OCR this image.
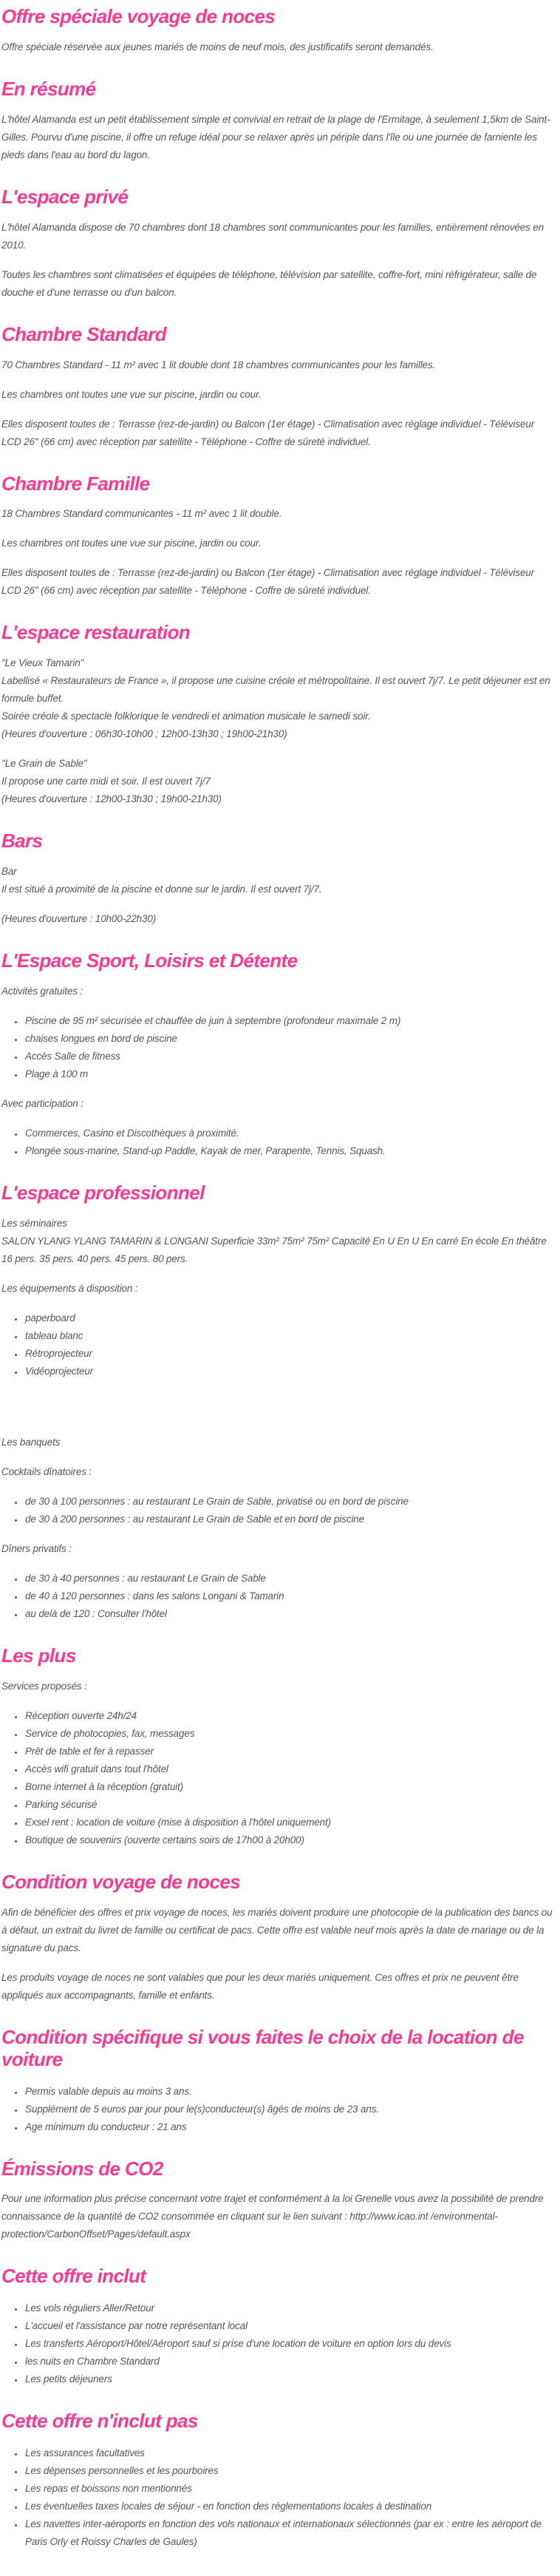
Offre spéciale voyage de noces

Offre spéciale réservée aux jeunes mariés de moins de neuf mois, des justificatifs seront demandés.

En résumé

L'hôtel Alamanda est un petit établissement simple et convivial en retrait de la plage de l'Ermitage, à seulement 1,5km de Saint-Gilles. Pourvu d'une piscine, il offre un refuge idéal pour se relaxer après un périple dans l'île ou une journée de farniente les pieds dans l'eau au bord du lagon.

L'espace privé

L'hôtel Alamanda dispose de 70 chambres dont 18 chambres sont communicantes pour les familles, entièrement rénovées en 2010.

Toutes les chambres sont climatisées et équipées de téléphone, télévision par satellite, coffre-fort, mini réfrigérateur, salle de douche et d'une terrasse ou d'un balcon.

Chambre Standard

70 Chambres Standard - 11 m² avec 1 lit double dont 18 chambres communicantes pour les familles.

Les chambres ont toutes une vue sur piscine, jardin ou cour.

Elles disposent toutes de : Terrasse (rez-de-jardin) ou Balcon (1er étage) - Climatisation avec réglage individuel - Téléviseur LCD 26" (66 cm) avec réception par satellite - Téléphone - Coffre de sûreté individuel.

Chambre Famille

18 Chambres Standard communicantes - 11 m² avec 1 lit double.

Les chambres ont toutes une vue sur piscine, jardin ou cour.

Elles disposent toutes de : Terrasse (rez-de-jardin) ou Balcon (1er étage) - Climatisation avec réglage individuel - Téléviseur LCD 26" (66 cm) avec réception par satellite - Téléphone - Coffre de sûreté individuel.

L'espace restauration

"Le Vieux Tamarin"
Labellisé « Restaurateurs de France », il propose une cuisine créole et métropolitaine. Il est ouvert 7j/7. Le petit déjeuner est en formule buffet.
Soirée créole & spectacle folklorique le vendredi et animation musicale le samedi soir.
(Heures d'ouverture : 06h30-10h00 ; 12h00-13h30 ; 19h00-21h30)

"Le Grain de Sable"
Il propose une carte midi et soir. Il est ouvert 7j/7
(Heures d'ouverture : 12h00-13h30 ; 19h00-21h30)

Bars

Bar
Il est situé à proximité de la piscine et donne sur le jardin. Il est ouvert 7j/7.

(Heures d'ouverture : 10h00-22h30)

L'Espace Sport, Loisirs et Détente

Activités gratuites :

• Piscine de 95 m² sécurisée et chauffée de juin à septembre (profondeur maximale 2 m)
• chaises longues en bord de piscine
• Accès Salle de fitness
• Plage à 100 m

Avec participation :

• Commerces, Casino et Discothèques à proximité.
• Plongée sous-marine, Stand-up Paddle, Kayak de mer, Parapente, Tennis, Squash.
L'espace professionnel

Les séminaires
SALON YLANG YLANG TAMARIN & LONGANI Superficie 33m² 75m² 75m² Capacité En U En U En carré En école En théâtre 16 pers. 35 pers. 40 pers. 45 pers. 80 pers.

Les équipements à disposition :

• paperboard
• tableau blanc
• Rétroprojecteur
• Vidéoprojecteur

Les banquets

Cocktails dînatoires :

• de 30 à 100 personnes : au restaurant Le Grain de Sable, privatisé ou en bord de piscine
• de 30 à 200 personnes : au restaurant Le Grain de Sable et en bord de piscine

Dîners privatifs :

• de 30 à 40 personnes : au restaurant Le Grain de Sable
• de 40 à 120 personnes : dans les salons Longani & Tamarin
• au delà de 120 : Consulter l'hôtel
Les plus

Services proposés :

• Réception ouverte 24h/24
• Service de photocopies, fax, messages
• Prêt de table et fer à repasser
• Accès wifi gratuit dans tout l'hôtel
• Borne internet à la réception (gratuit)
• Parking sécurisé
• Exsel rent : location de voiture (mise à disposition à l'hôtel uniquement)
• Boutique de souvenirs (ouverte certains soirs de 17h00 à 20h00)
Condition voyage de noces

Afin de bénéficier des offres et prix voyage de noces, les mariés doivent produire une photocopie de la publication des bancs ou à défaut, un extrait du livret de famille ou certificat de pacs. Cette offre est valable neuf mois après la date de mariage ou de la signature du pacs.

Les produits voyage de noces ne sont valables que pour les deux mariés uniquement. Ces offres et prix ne peuvent être appliqués aux accompagnants, famille et enfants.

Condition spécifique si vous faites le choix de la location de voiture
• Permis valable depuis au moins 3 ans.
• Supplément de 5 euros par jour pour le(s)conducteur(s) âgés de moins de 23 ans.
• Age minimum du conducteur : 21 ans
Émissions de CO2

Pour une information plus précise concernant votre trajet et conformément à la loi Grenelle vous avez la possibilité de prendre connaissance de la quantité de CO2 consommée en cliquant sur le lien suivant : http://www.icao.int /environmental-protection/CarbonOffset/Pages/default.aspx

Cette offre inclut
• Les vols réguliers Aller/Retour
• L'accueil et l'assistance par notre représentant local
• Les transferts Aéroport/Hôtel/Aéroport sauf si prise d'une location de voiture en option lors du devis
• les nuits en Chambre Standard
• Les petits déjeuners
Cette offre n'inclut pas
• Les assurances facultatives
• Les dépenses personnelles et les pourboires
• Les repas et boissons non mentionnés
• Les éventuelles taxes locales de séjour - en fonction des réglementations locales à destination
• Les navettes inter-aéroports en fonction des vols nationaux et internationaux sélectionnés (par ex : entre les aéroport de Paris Orly et Roissy Charles de Gaules)
